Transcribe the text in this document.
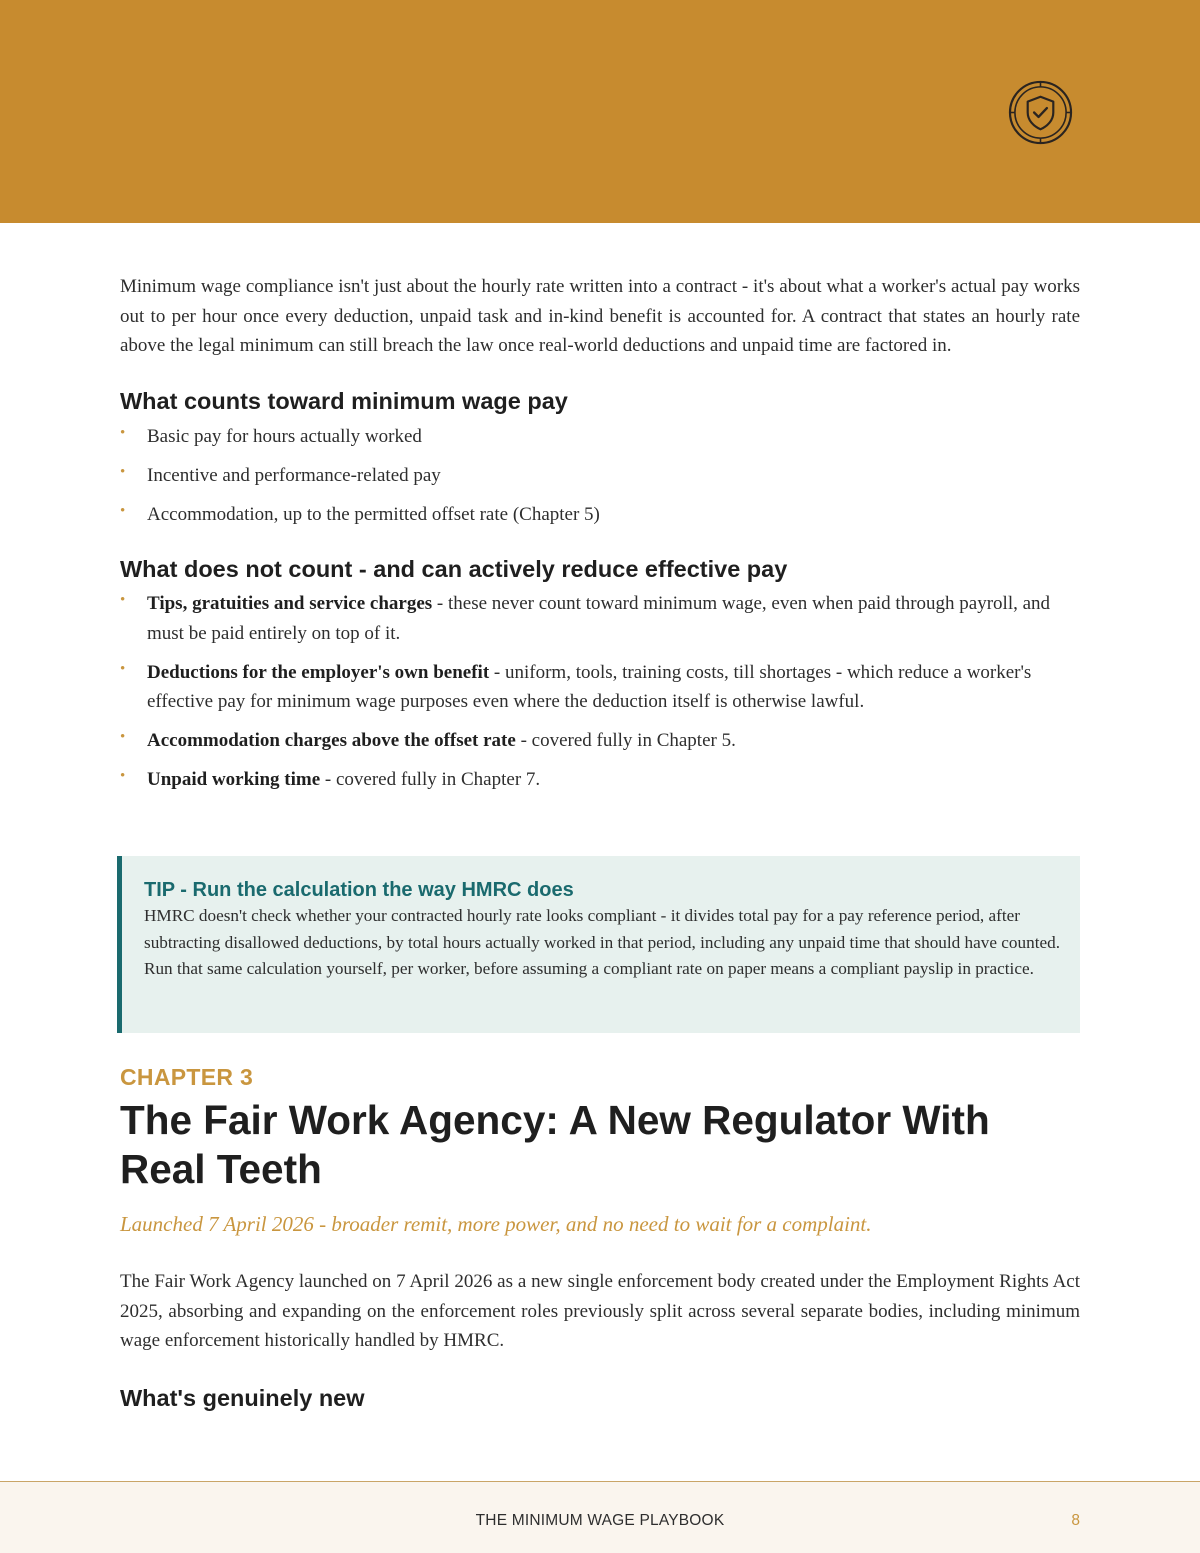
Minimum wage compliance isn't just about the hourly rate written into a contract - it's about what a worker's actual pay works out to per hour once every deduction, unpaid task and in-kind benefit is accounted for. A contract that states an hourly rate above the legal minimum can still breach the law once real-world deductions and unpaid time are factored in.

What counts toward minimum wage pay
• Basic pay for hours actually worked
• Incentive and performance-related pay
• Accommodation, up to the permitted offset rate (Chapter 5)
What does not count - and can actively reduce effective pay
• Tips, gratuities and service charges - these never count toward minimum wage, even when paid through payroll, and must be paid entirely on top of it.
• Deductions for the employer's own benefit - uniform, tools, training costs, till shortages - which reduce a worker's effective pay for minimum wage purposes even where the deduction itself is otherwise lawful.
• Accommodation charges above the offset rate - covered fully in Chapter 5.
• Unpaid working time - covered fully in Chapter 7.
TIP - Run the calculation the way HMRC does

HMRC doesn't check whether your contracted hourly rate looks compliant - it divides total pay for a pay reference period, after subtracting disallowed deductions, by total hours actually worked in that period, including any unpaid time that should have counted. Run that same calculation yourself, per worker, before assuming a compliant rate on paper means a compliant payslip in practice.

CHAPTER 3
The Fair Work Agency: A New Regulator With Real Teeth
Launched 7 April 2026 - broader remit, more power, and no need to wait for a complaint.

The Fair Work Agency launched on 7 April 2026 as a new single enforcement body created under the Employment Rights Act 2025, absorbing and expanding on the enforcement roles previously split across several separate bodies, including minimum wage enforcement historically handled by HMRC.

What's genuinely new
THE MINIMUM WAGE PLAYBOOK	8
